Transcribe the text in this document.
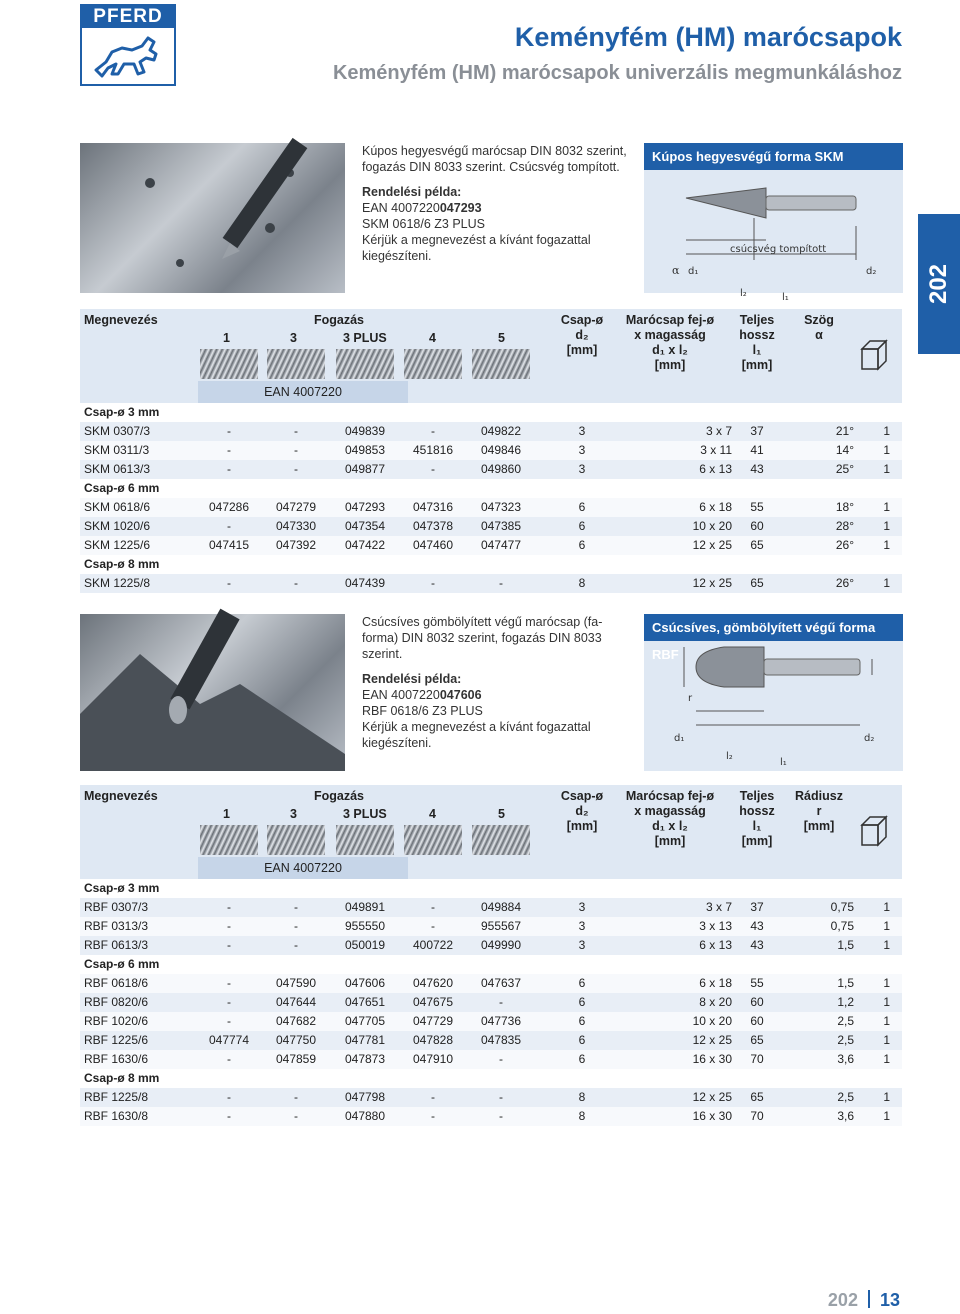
PFERD
Keményfém (HM) marócsapok
Keményfém (HM) marócsapok univerzális megmunkáláshoz
202

Kúpos hegyesvégű marócsap DIN 8032 szerint,
fogazás DIN 8033 szerint. Csúcsvég tompított.

Rendelési példa:
EAN 4007220047293
SKM 0618/6 Z3 PLUS
Kérjük a megnevezést a kívánt fogazattal
kiegészíteni.
Kúpos hegyesvégű forma SKM
α d₁
csúcsvég tompított
d₂
l₂	l₁
Megnevezés	Fogazás
1	3	3 PLUS	4	5
Csap-ø
d₂
[mm]
Marócsap fej-ø
x magasság
d₁ x l₂
[mm]
Teljes
hossz
l₁
[mm]
Szög
α
EAN 4007220
Csap-ø 3 mm
SKM 0307/3	-	-	049839	-	049822	3	3 x 7	37	21°	1
SKM 0311/3	-	-	049853	451816	049846	3	3 x 11	41	14°	1
SKM 0613/3	-	-	049877	-	049860	3	6 x 13	43	25°	1
Csap-ø 6 mm
SKM 0618/6	047286	047279	047293	047316	047323	6	6 x 18	55	18°	1
SKM 1020/6	-	047330	047354	047378	047385	6	10 x 20	60	28°	1
SKM 1225/6	047415	047392	047422	047460	047477	6	12 x 25	65	26°	1
Csap-ø 8 mm
SKM 1225/8	-	-	047439	-	-	8	12 x 25	65	26°	1

Csúcsíves gömbölyített végű marócsap (fa-
forma) DIN 8032 szerint, fogazás DIN 8033
szerint.

Rendelési példa:
EAN 4007220047606
RBF 0618/6 Z3 PLUS
Kérjük a megnevezést a kívánt fogazattal
kiegészíteni.
Csúcsíves, gömbölyített végű forma RBF
r
d₁	d₂
l₂
l₁
Megnevezés	Fogazás
1	3	3 PLUS	4	5
Csap-ø
d₂
[mm]
Marócsap fej-ø
x magasság
d₁ x l₂
[mm]
Teljes
hossz
l₁
[mm]
Rádiusz
r
[mm]
EAN 4007220
Csap-ø 3 mm
RBF 0307/3	-	-	049891	-	049884	3	3 x 7	37	0,75	1
RBF 0313/3	-	-	955550	-	955567	3	3 x 13	43	0,75	1
RBF 0613/3	-	-	050019	400722	049990	3	6 x 13	43	1,5	1
Csap-ø 6 mm
RBF 0618/6	-	047590	047606	047620	047637	6	6 x 18	55	1,5	1
RBF 0820/6	-	047644	047651	047675	-	6	8 x 20	60	1,2	1
RBF 1020/6	-	047682	047705	047729	047736	6	10 x 20	60	2,5	1
RBF 1225/6	047774	047750	047781	047828	047835	6	12 x 25	65	2,5	1
RBF 1630/6	-	047859	047873	047910	-	6	16 x 30	70	3,6	1
Csap-ø 8 mm
RBF 1225/8	-	-	047798	-	-	8	12 x 25	65	2,5	1
RBF 1630/8	-	-	047880	-	-	8	16 x 30	70	3,6	1
202 13
